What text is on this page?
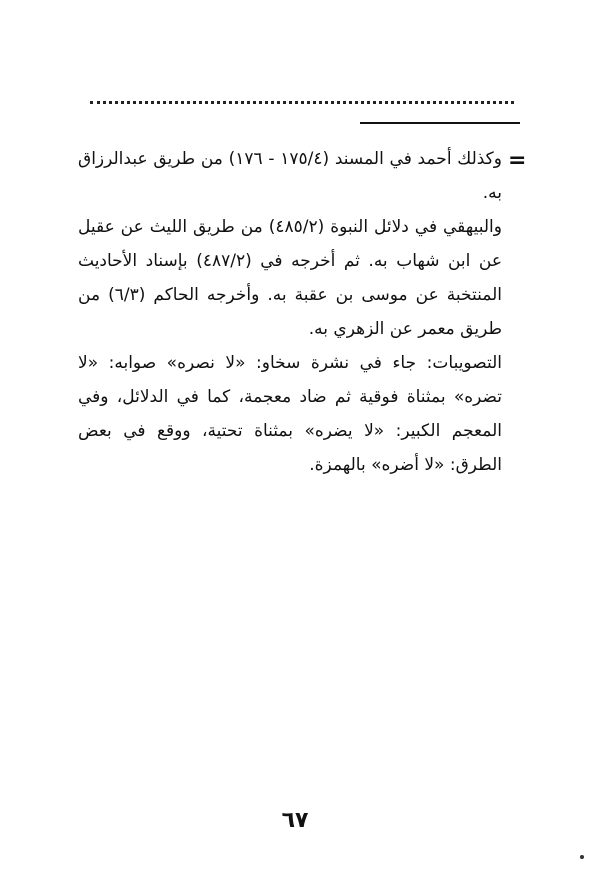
=

وكذلك أحمد في المسند (١٧٥/٤ - ١٧٦) من طريق عبدالرزاق به.

والبيهقي في دلائل النبوة (٤٨٥/٢) من طريق الليث عن عقيل عن ابن شهاب به. ثم أخرجه في (٤٨٧/٢) بإسناد الأحاديث المنتخبة عن موسى بن عقبة به. وأخرجه الحاكم (٦/٣) من طريق معمر عن الزهري به.

التصويبات: جاء في نشرة سخاو: «لا نصره» صوابه: «لا تضره» بمثناة فوقية ثم ضاد معجمة، كما في الدلائل، وفي المعجم الكبير: «لا يضره» بمثناة تحتية، ووقع في بعض الطرق: «لا أضره» بالهمزة.

٦٧
